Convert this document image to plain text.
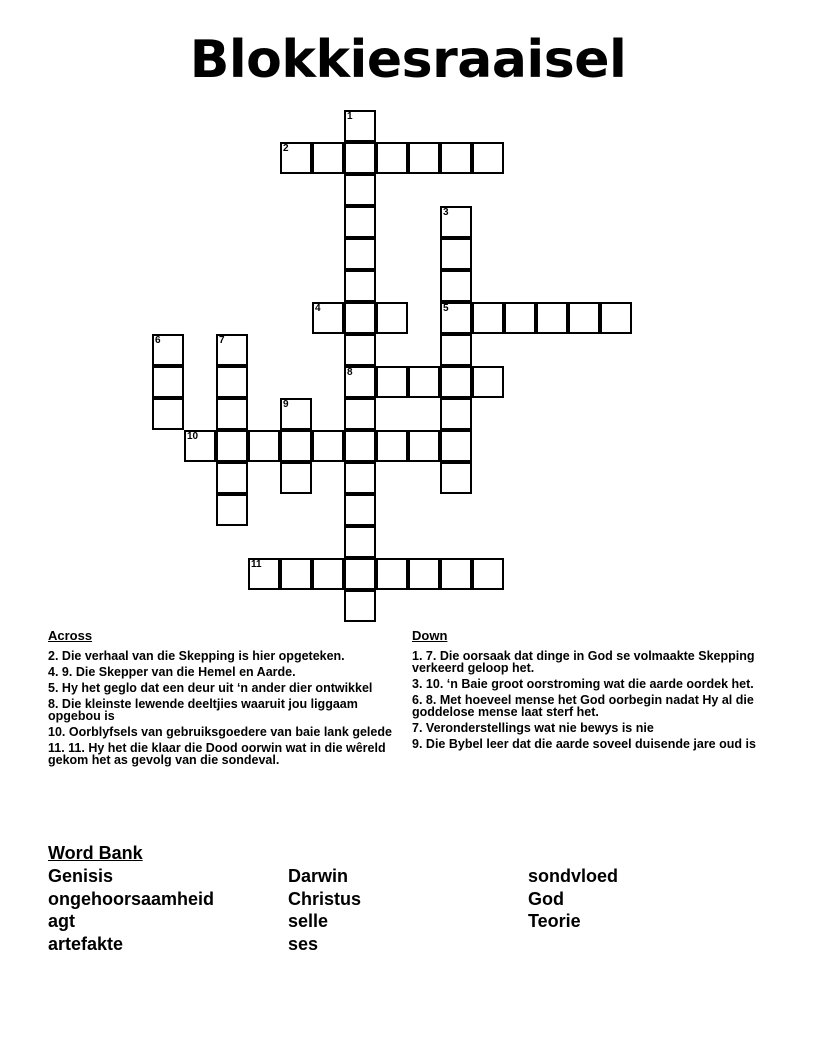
Blokkiesraaisel
1
2
3
4	5
6	7
8
9
10
11
Across
2. Die verhaal van die Skepping is hier opgeteken.
4. 9. Die Skepper van die Hemel en Aarde.
5. Hy het geglo dat een deur uit ‘n ander dier ontwikkel
8. Die kleinste lewende deeltjies waaruit jou liggaam opgebou is
10. Oorblyfsels van gebruiksgoedere van baie lank gelede
11. 11. Hy het die klaar die Dood oorwin wat in die wêreld gekom het as gevolg van die sondeval.
Down
1. 7. Die oorsaak dat dinge in God se volmaakte Skepping verkeerd geloop het.
3. 10. ‘n Baie groot oorstroming wat die aarde oordek het.
6. 8. Met hoeveel mense het God oorbegin nadat Hy al die goddelose mense laat sterf het.
7. Veronderstellings wat nie bewys is nie
9. Die Bybel leer dat die aarde soveel duisende jare oud is
Word Bank
Genisis	Darwin	sondvloed
ongehoorsaamheid	Christus	God
agt	selle	Teorie
artefakte	ses
